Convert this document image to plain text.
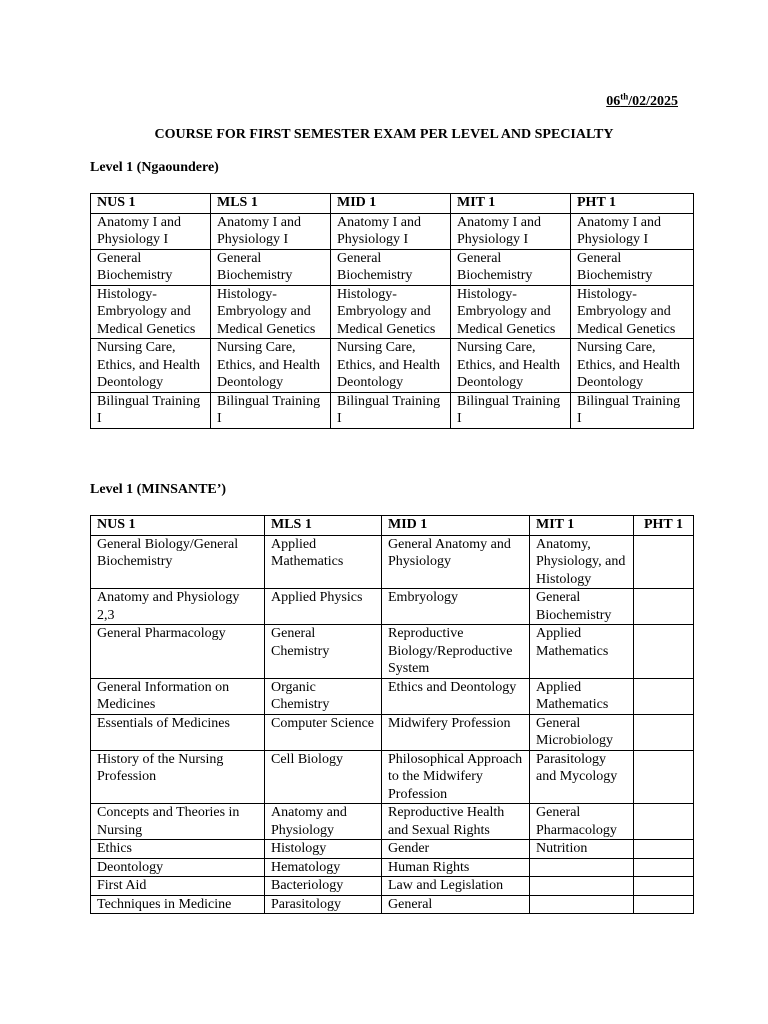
06th/02/2025
COURSE FOR FIRST SEMESTER EXAM PER LEVEL AND SPECIALTY
Level 1 (Ngaoundere)
NUS 1	MLS 1	MID 1	MIT 1	PHT 1
Anatomy I and Physiology I	Anatomy I and Physiology I	Anatomy I and Physiology I	Anatomy I and Physiology I	Anatomy I and Physiology I
General Biochemistry	General Biochemistry	General Biochemistry	General Biochemistry	General Biochemistry
Histology-Embryology and Medical Genetics	Histology-Embryology and Medical Genetics	Histology-Embryology and Medical Genetics	Histology-Embryology and Medical Genetics	Histology-Embryology and Medical Genetics
Nursing Care, Ethics, and Health Deontology	Nursing Care, Ethics, and Health Deontology	Nursing Care, Ethics, and Health Deontology	Nursing Care, Ethics, and Health Deontology	Nursing Care, Ethics, and Health Deontology
Bilingual Training I	Bilingual Training I	Bilingual Training I	Bilingual Training I	Bilingual Training I
Level 1 (MINSANTE’)
NUS 1	MLS 1	MID 1	MIT 1	PHT 1
General Biology/General Biochemistry	Applied Mathematics	General Anatomy and Physiology	Anatomy, Physiology, and Histology	
Anatomy and Physiology 2,3	Applied Physics	Embryology	General Biochemistry	
General Pharmacology	General Chemistry	Reproductive Biology/Reproductive System	Applied Mathematics	
General Information on Medicines	Organic Chemistry	Ethics and Deontology	Applied Mathematics	
Essentials of Medicines	Computer Science	Midwifery Profession	General Microbiology	
History of the Nursing Profession	Cell Biology	Philosophical Approach to the Midwifery Profession	Parasitology and Mycology	
Concepts and Theories in Nursing	Anatomy and Physiology	Reproductive Health and Sexual Rights	General Pharmacology	
Ethics	Histology	Gender	Nutrition	
Deontology	Hematology	Human Rights		
First Aid	Bacteriology	Law and Legislation		
Techniques in Medicine	Parasitology	General		
